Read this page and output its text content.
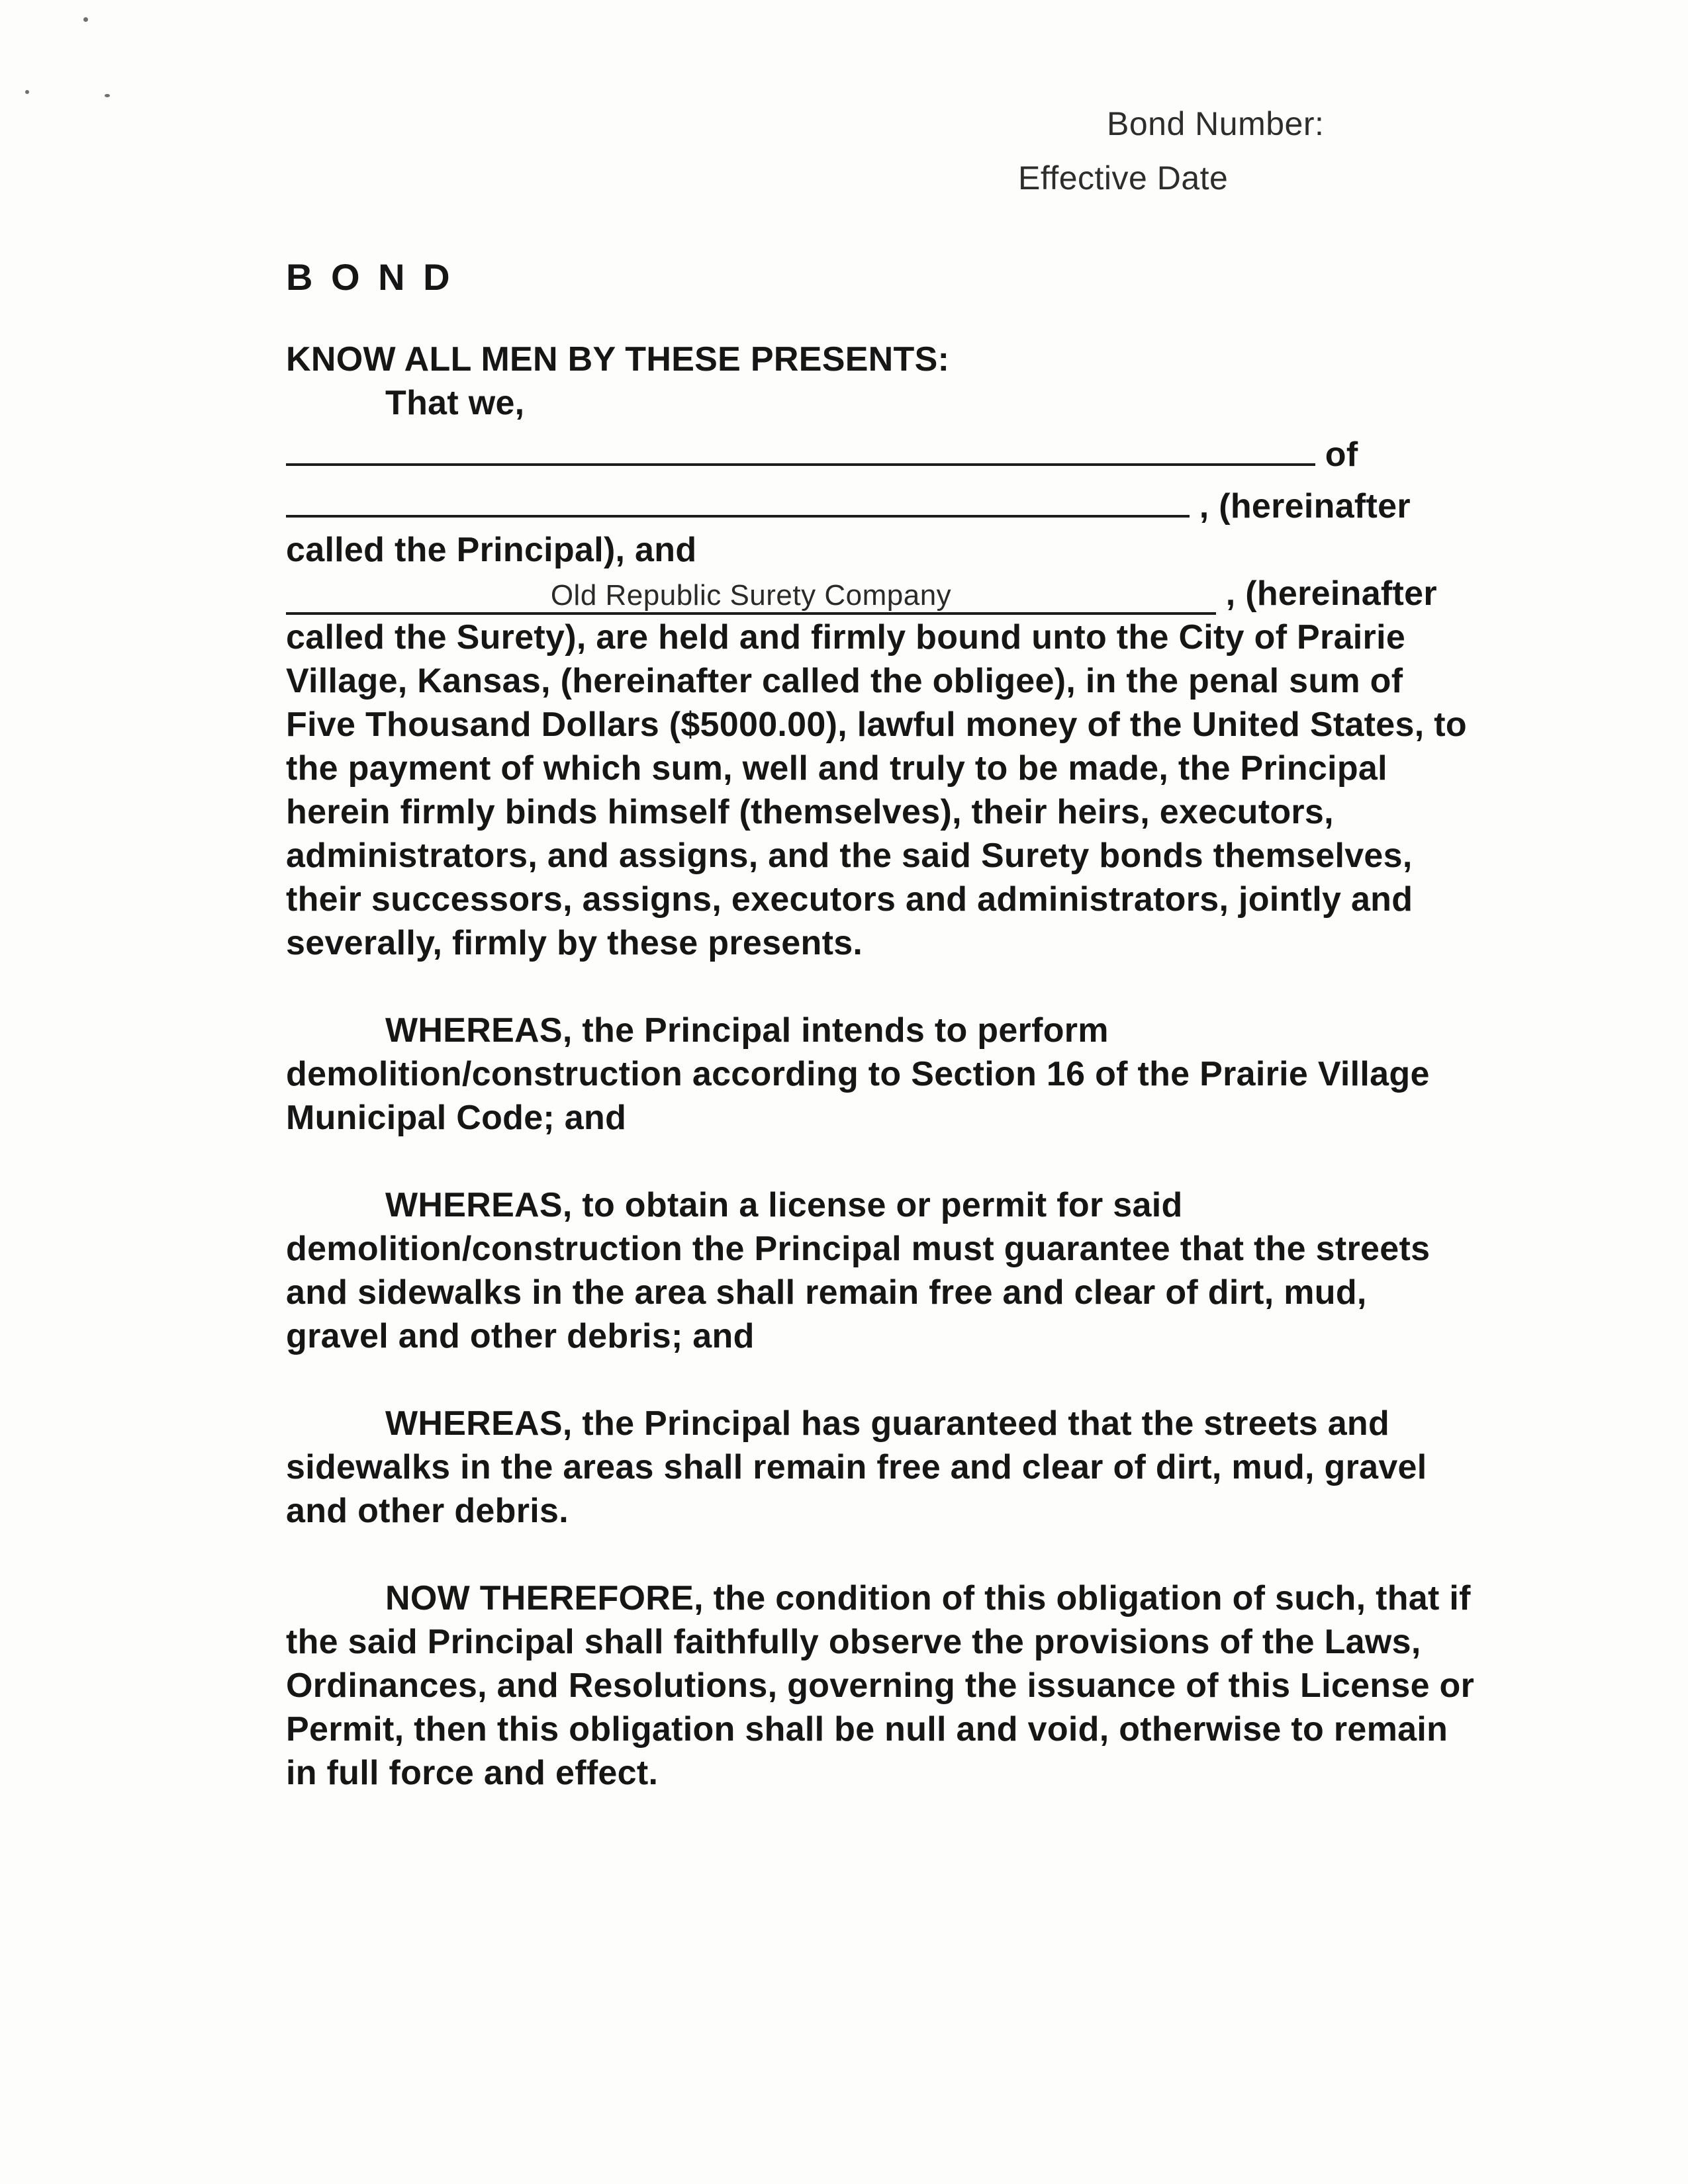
Bond Number:
Effective Date

B O N D

KNOW ALL MEN BY THESE PRESENTS:

That we,

of
, (hereinafter

called the Principal), and

Old Republic Surety Company	, (hereinafter

called the Surety), are held and firmly bound unto the City of Prairie Village, Kansas, (hereinafter called the obligee), in the penal sum of Five Thousand Dollars ($5000.00), lawful money of the United States, to the payment of which sum, well and truly to be made, the Principal herein firmly binds himself (themselves), their heirs, executors, administrators, and assigns, and the said Surety bonds themselves, their successors, assigns, executors and administrators, jointly and severally, firmly by these presents.

WHEREAS, the Principal intends to perform demolition/construction according to Section 16 of the Prairie Village Municipal Code; and

WHEREAS, to obtain a license or permit for said demolition/construction the Principal must guarantee that the streets and sidewalks in the area shall remain free and clear of dirt, mud, gravel and other debris; and

WHEREAS, the Principal has guaranteed that the streets and sidewalks in the areas shall remain free and clear of dirt, mud, gravel and other debris.

NOW THEREFORE, the condition of this obligation of such, that if the said Principal shall faithfully observe the provisions of the Laws, Ordinances, and Resolutions, governing the issuance of this License or Permit, then this obligation shall be null and void, otherwise to remain in full force and effect.
